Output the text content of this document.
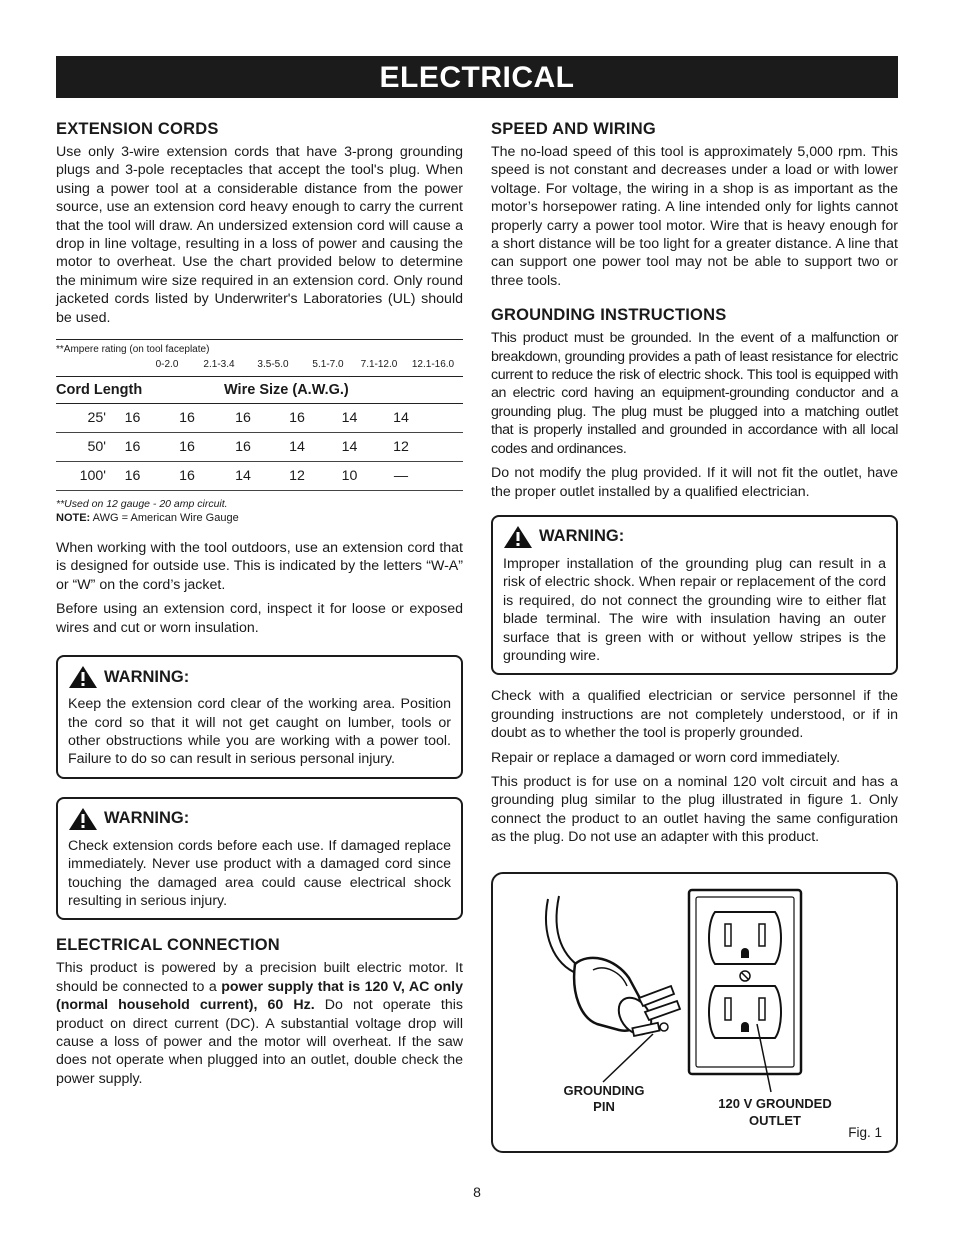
ELECTRICAL
EXTENSION CORDS

Use only 3-wire extension cords that have 3-prong grounding plugs and 3-pole receptacles that accept the tool's plug. When using a power tool at a considerable distance from the power source, use an extension cord heavy enough to carry the current that the tool will draw. An undersized extension cord will cause a drop in line voltage, resulting in a loss of power and causing the motor to overheat. Use the chart provided below to determine the minimum wire size required in an extension cord. Only round jacketed cords listed by Underwriter's Laboratories (UL) should be used.

**Ampere rating (on tool faceplate)
0-2.0	2.1-3.4	3.5-5.0	5.1-7.0	7.1-12.0	12.1-16.0
Cord Length	Wire Size (A.W.G.)
25'	16	16	16	16	14	14
50'	16	16	16	14	14	12
100'	16	16	14	12	10	—
**Used on 12 gauge - 20 amp circuit.
NOTE: AWG = American Wire Gauge

When working with the tool outdoors, use an extension cord that is designed for outside use. This is indicated by the letters “W-A” or “W” on the cord’s jacket.

Before using an extension cord, inspect it for loose or exposed wires and cut or worn insulation.

WARNING:

Keep the extension cord clear of the working area. Position the cord so that it will not get caught on lumber, tools or other obstructions while you are working with a power tool. Failure to do so can result in serious personal injury.

WARNING:

Check extension cords before each use. If damaged replace immediately. Never use product with a damaged cord since touching the damaged area could cause electrical shock resulting in serious injury.

ELECTRICAL CONNECTION

This product is powered by a precision built electric motor. It should be connected to a power supply that is 120 V, AC only (normal household current), 60 Hz. Do not operate this product on direct current (DC). A substantial voltage drop will cause a loss of power and the motor will overheat. If the saw does not operate when plugged into an outlet, double check the power supply.

SPEED AND WIRING

The no-load speed of this tool is approximately 5,000 rpm. This speed is not constant and decreases under a load or with lower voltage. For voltage, the wiring in a shop is as important as the motor’s horsepower rating. A line intended only for lights cannot properly carry a power tool motor. Wire that is heavy enough for a short distance will be too light for a greater distance. A line that can support one power tool may not be able to support two or three tools.

GROUNDING INSTRUCTIONS

This product must be grounded. In the event of a malfunction or breakdown, grounding provides a path of least resistance for electric current to reduce the risk of electric shock. This tool is equipped with an electric cord having an equipment-grounding conductor and a grounding plug. The plug must be plugged into a matching outlet that is properly installed and grounded in accordance with all local codes and ordinances.

Do not modify the plug provided. If it will not fit the outlet, have the proper outlet installed by a qualified electrician.

WARNING:

Improper installation of the grounding plug can result in a risk of electric shock. When repair or replacement of the cord is required, do not connect the grounding wire to either flat blade terminal. The wire with insulation having an outer surface that is green with or without yellow stripes is the grounding wire.

Check with a qualified electrician or service personnel if the grounding instructions are not completely understood, or if in doubt as to whether the tool is properly grounded.

Repair or replace a damaged or worn cord immediately.

This product is for use on a nominal 120 volt circuit and has a grounding plug similar to the plug illustrated in figure 1. Only connect the product to an outlet having the same configuration as the plug. Do not use an adapter with this product.

GROUNDING
PIN	120 V GROUNDED
OUTLET
Fig. 1
8
